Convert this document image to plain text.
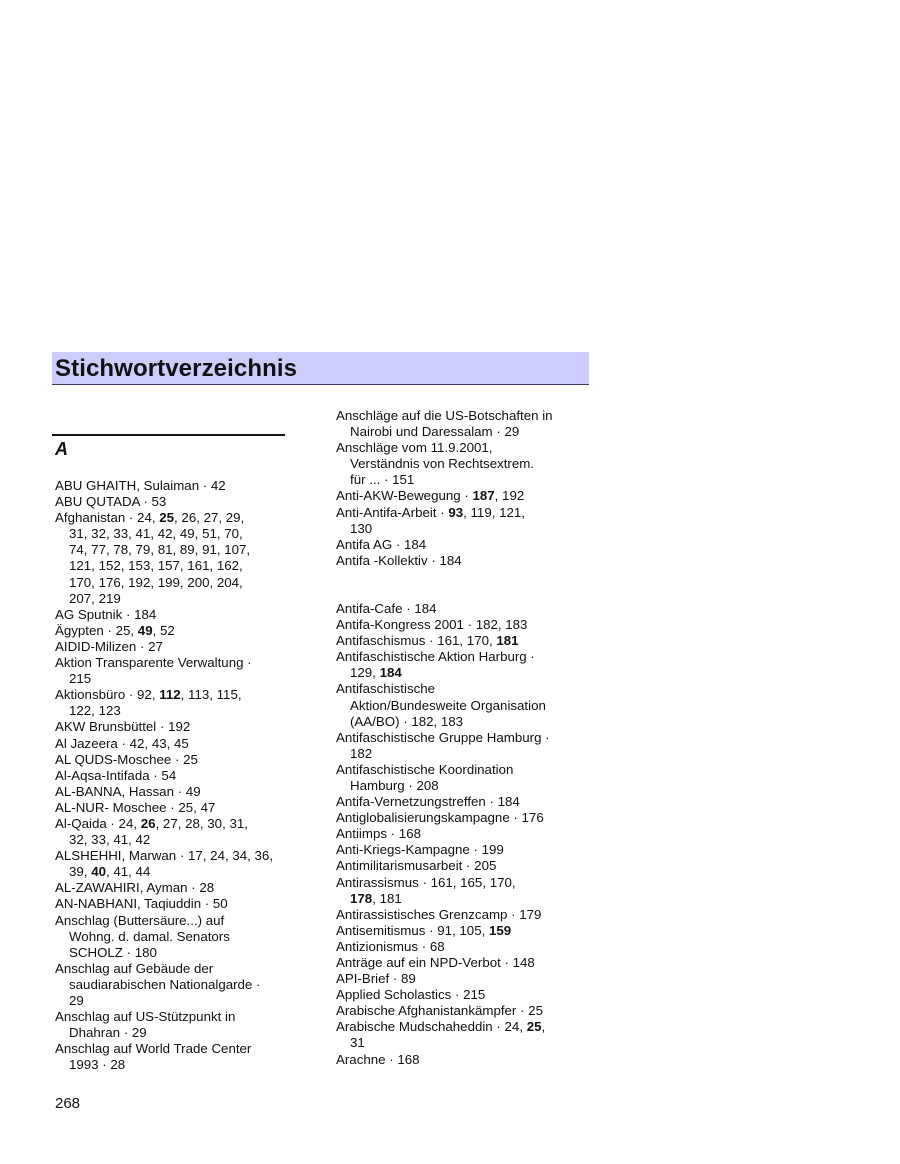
Stichwortverzeichnis
A
ABU GHAITH, Sulaiman · 42
ABU QUTADA · 53
Afghanistan · 24, 25, 26, 27, 29,
31, 32, 33, 41, 42, 49, 51, 70,
74, 77, 78, 79, 81, 89, 91, 107,
121, 152, 153, 157, 161, 162,
170, 176, 192, 199, 200, 204,
207, 219
AG Sputnik · 184
Ägypten · 25, 49, 52
AIDID-Milizen · 27
Aktion Transparente Verwaltung ·
215
Aktionsbüro · 92, 112, 113, 115,
122, 123
AKW Brunsbüttel · 192
Al Jazeera · 42, 43, 45
AL QUDS-Moschee · 25
Al-Aqsa-Intifada · 54
AL-BANNA, Hassan · 49
AL-NUR- Moschee · 25, 47
Al-Qaida · 24, 26, 27, 28, 30, 31,
32, 33, 41, 42
ALSHEHHI, Marwan · 17, 24, 34, 36,
39, 40, 41, 44
AL-ZAWAHIRI, Ayman · 28
AN-NABHANI, Taqiuddin · 50
Anschlag (Buttersäure...) auf
Wohng. d. damal. Senators
SCHOLZ · 180
Anschlag auf Gebäude der
saudiarabischen Nationalgarde ·
29
Anschlag auf US-Stützpunkt in
Dhahran · 29
Anschlag auf World Trade Center
1993 · 28
Anschläge auf die US-Botschaften in
Nairobi und Daressalam · 29
Anschläge vom 11.9.2001,
Verständnis von Rechtsextrem.
für ... · 151
Anti-AKW-Bewegung · 187, 192
Anti-Antifa-Arbeit · 93, 119, 121,
130
Antifa AG · 184
Antifa -Kollektiv · 184
Antifa-Cafe · 184
Antifa-Kongress 2001 · 182, 183
Antifaschismus · 161, 170, 181
Antifaschistische Aktion Harburg ·
129, 184
Antifaschistische
Aktion/Bundesweite Organisation
(AA/BO) · 182, 183
Antifaschistische Gruppe Hamburg ·
182
Antifaschistische Koordination
Hamburg · 208
Antifa-Vernetzungstreffen · 184
Antiglobalisierungskampagne · 176
Antiimps · 168
Anti-Kriegs-Kampagne · 199
Antimilitarismusarbeit · 205
Antirassismus · 161, 165, 170,
178, 181
Antirassistisches Grenzcamp · 179
Antisemitismus · 91, 105, 159
Antizionismus · 68
Anträge auf ein NPD-Verbot · 148
API-Brief · 89
Applied Scholastics · 215
Arabische Afghanistankämpfer · 25
Arabische Mudschaheddin · 24, 25,
31
Arachne · 168
268
